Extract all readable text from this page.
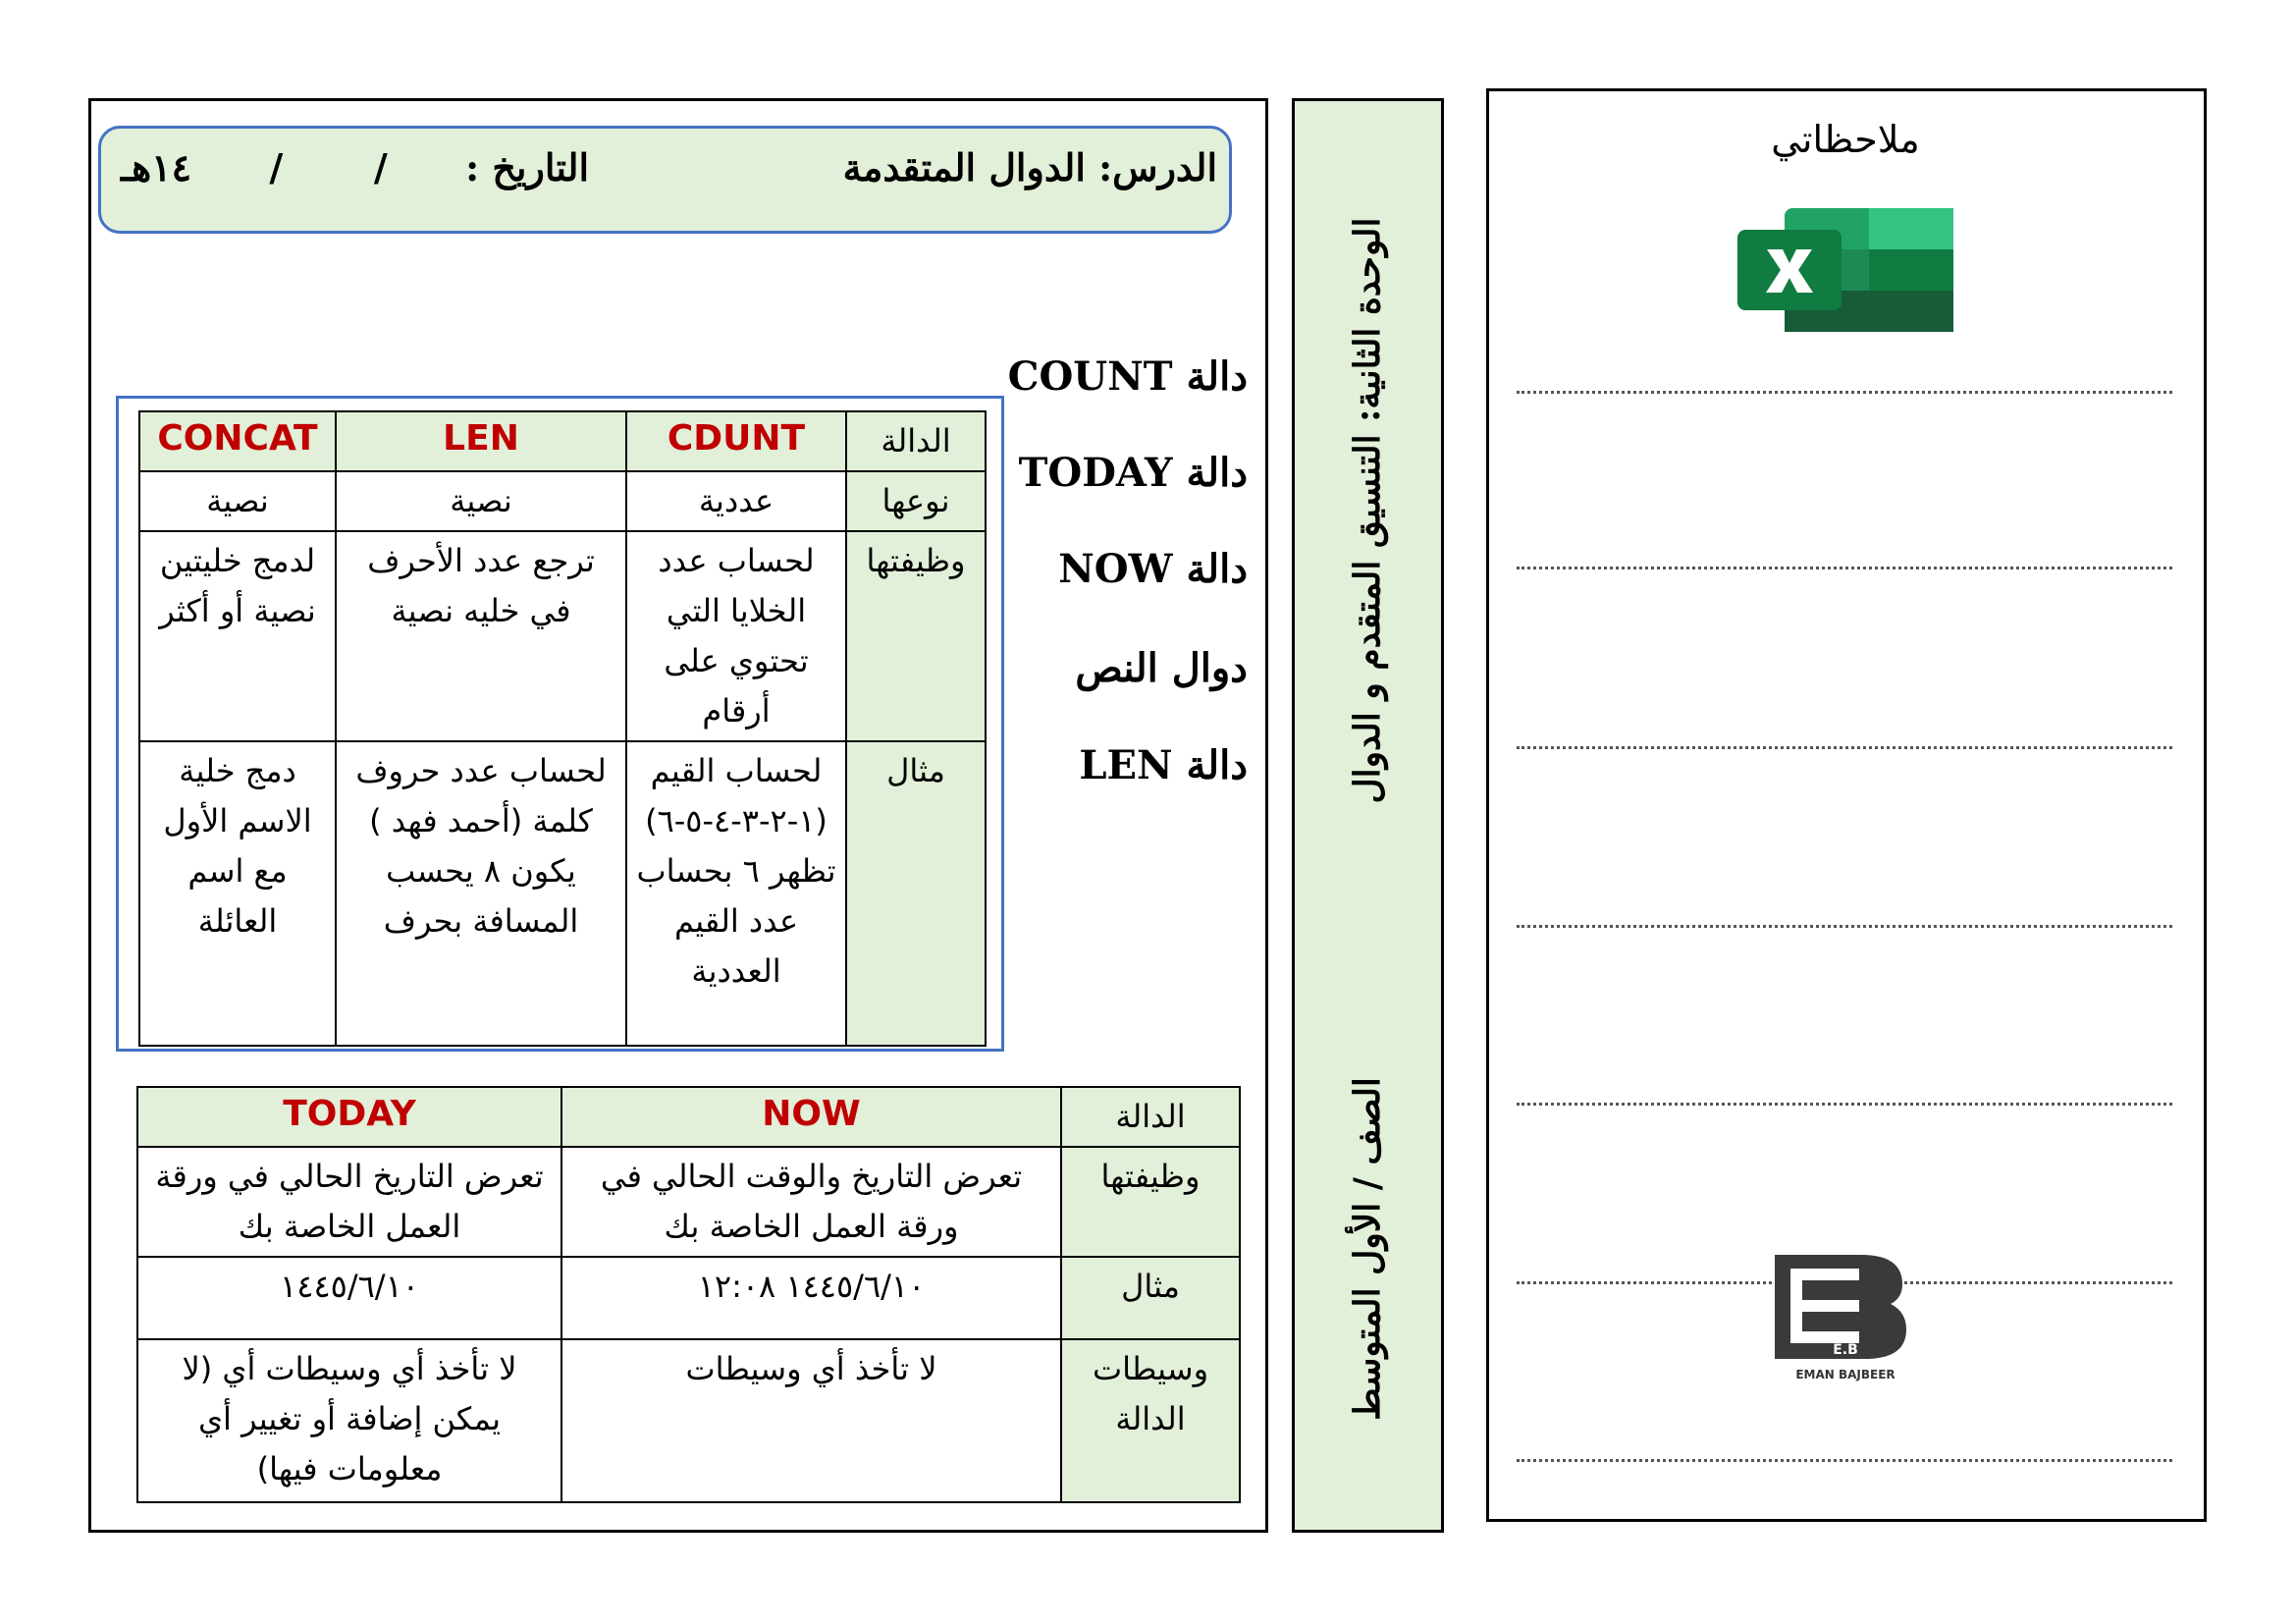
الدرس: الدوال المتقدمة
التاريخ :      /       /      ١٤هـ
دالة COUNT
دالة TODAY
دالة NOW
دوال النص
دالة LEN
الدالة	CDUNT	LEN	CONCAT
نوعها	عددية	نصية	نصية
وظيفتها	لحساب عدد الخلايا التي تحتوي على أرقام	ترجع عدد الأحرف في خليه نصية	لدمج خليتين نصية أو أكثر
مثال	لحساب القيم (١-٢-٣-٤-٥-٦) تظهر ٦ بحساب عدد القيم العددية	لحساب عدد حروف كلمة (أحمد فهد ) يكون ٨ يحسب المسافة بحرف	دمج خلية الاسم الأول مع اسم العائلة
الدالة	NOW	TODAY
وظيفتها	تعرض التاريخ والوقت الحالي في ورقة العمل الخاصة بك	تعرض التاريخ الحالي في ورقة العمل الخاصة بك
مثال	١٤٤٥/٦/١٠ ١٢:٠٨	١٤٤٥/٦/١٠
وسيطات الدالة	لا تأخذ أي وسيطات	لا تأخذ أي وسيطات أي (لا يمكن إضافة أو تغيير أي معلومات فيها)
الوحدة الثانية: التنسيق المتقدم و الدوال
الصف / الأول المتوسط
ملاحظاتي
E.B
EMAN BAJBEER
